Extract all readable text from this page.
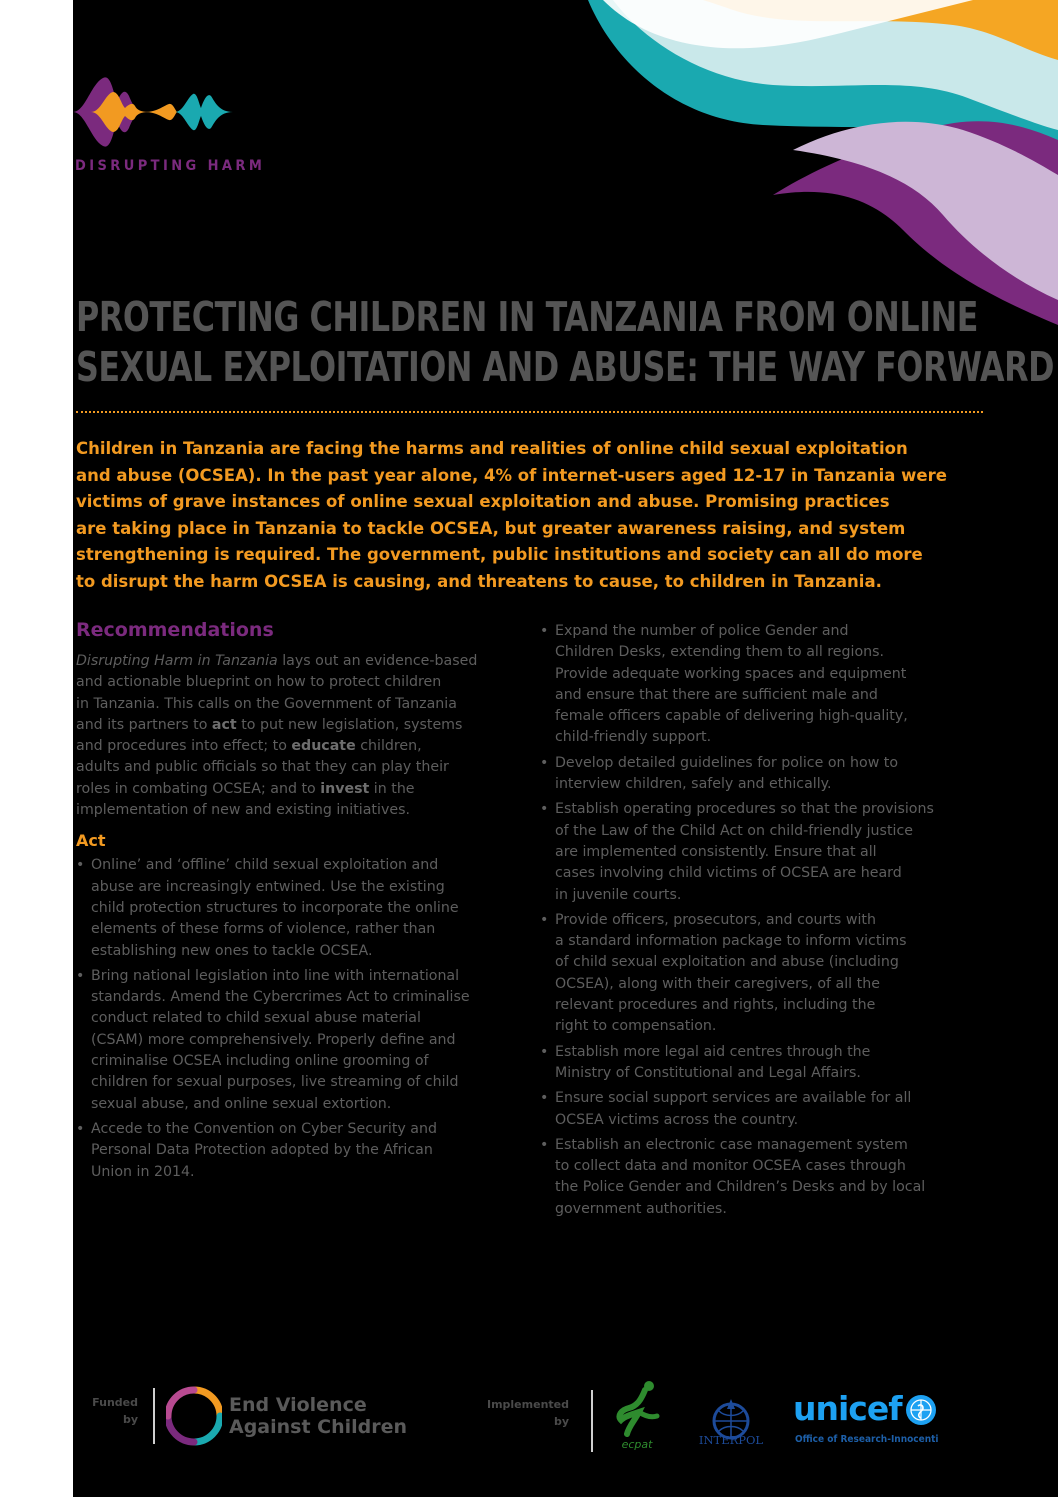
DISRUPTING HARM
PROTECTING CHILDREN IN TANZANIA FROM ONLINE
SEXUAL EXPLOITATION AND ABUSE: THE WAY FORWARD
Children in Tanzania are facing the harms and realities of online child sexual exploitation
and abuse (OCSEA). In the past year alone, 4% of internet-users aged 12-17 in Tanzania were
victims of grave instances of online sexual exploitation and abuse. Promising practices
are taking place in Tanzania to tackle OCSEA, but greater awareness raising, and system
strengthening is required. The government, public institutions and society can all do more
to disrupt the harm OCSEA is causing, and threatens to cause, to children in Tanzania.
Recommendations
Disrupting Harm in Tanzania lays out an evidence-based
and actionable blueprint on how to protect children
in Tanzania. This calls on the Government of Tanzania
and its partners to act to put new legislation, systems
and procedures into effect; to educate children,
adults and public officials so that they can play their
roles in combating OCSEA; and to invest in the
implementation of new and existing initiatives.
Act
• Online’ and ‘offline’ child sexual exploitation and
abuse are increasingly entwined. Use the existing
child protection structures to incorporate the online
elements of these forms of violence, rather than
establishing new ones to tackle OCSEA.
• Bring national legislation into line with international
standards. Amend the Cybercrimes Act to criminalise
conduct related to child sexual abuse material
(CSAM) more comprehensively. Properly define and
criminalise OCSEA including online grooming of
children for sexual purposes, live streaming of child
sexual abuse, and online sexual extortion.
• Accede to the Convention on Cyber Security and
Personal Data Protection adopted by the African
Union in 2014.
• Expand the number of police Gender and
Children Desks, extending them to all regions.
Provide adequate working spaces and equipment
and ensure that there are sufficient male and
female officers capable of delivering high-quality,
child-friendly support.
• Develop detailed guidelines for police on how to
interview children, safely and ethically.
• Establish operating procedures so that the provisions
of the Law of the Child Act on child-friendly justice
are implemented consistently. Ensure that all
cases involving child victims of OCSEA are heard
in juvenile courts.
• Provide officers, prosecutors, and courts with
a standard information package to inform victims
of child sexual exploitation and abuse (including
OCSEA), along with their caregivers, of all the
relevant procedures and rights, including the
right to compensation.
• Establish more legal aid centres through the
Ministry of Constitutional and Legal Affairs.
• Ensure social support services are available for all
OCSEA victims across the country.
• Establish an electronic case management system
to collect data and monitor OCSEA cases through
the Police Gender and Children’s Desks and by local
government authorities.
Funded
by
End Violence
Against Children
Implemented
by
ecpat	INTERPOL
unicef
Office of Research-Innocenti
